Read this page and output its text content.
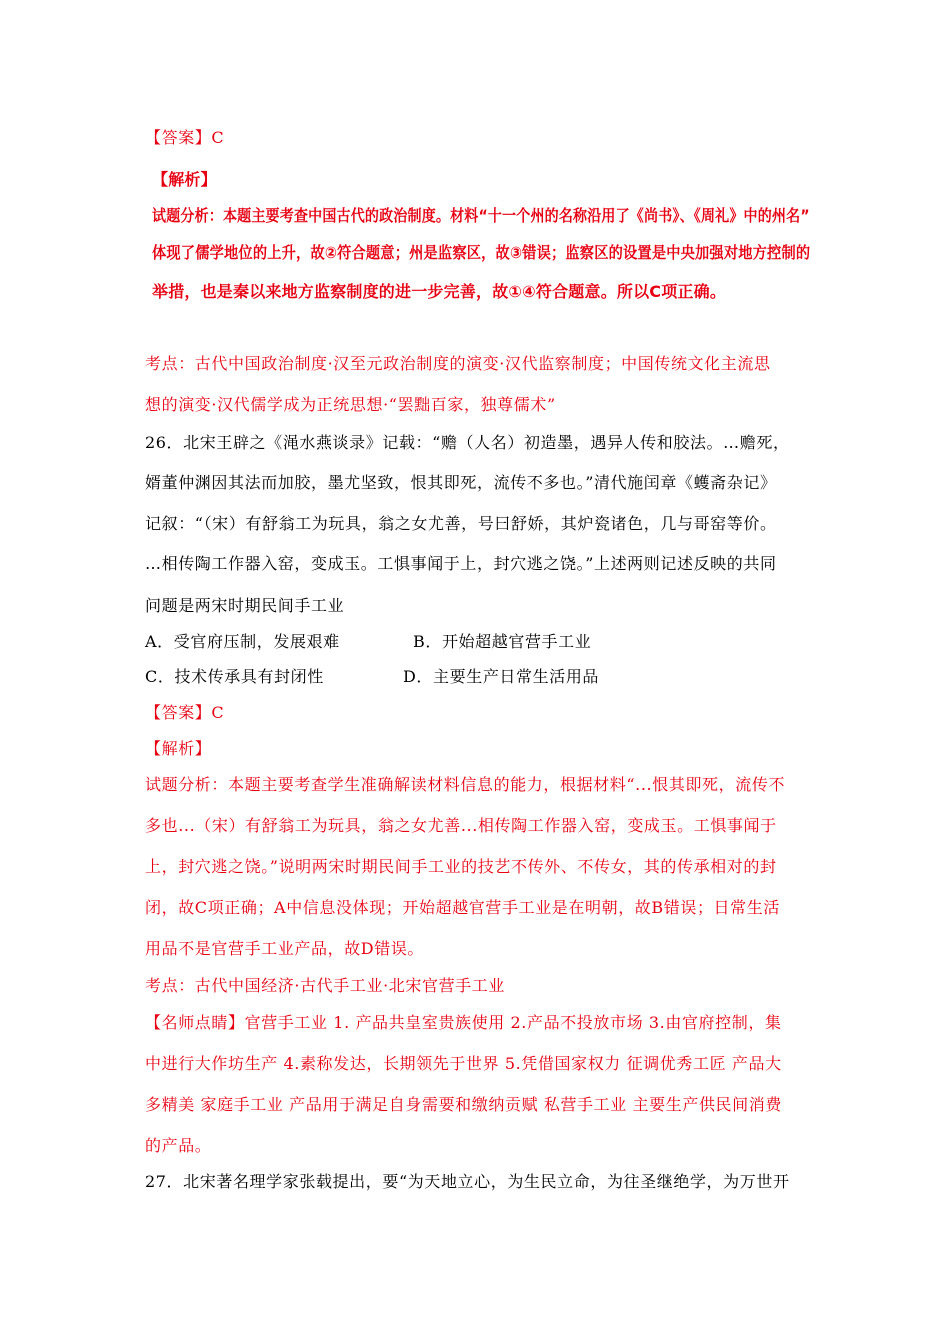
【答案】C
【解析】
试题分析：本题主要考查中国古代的政治制度。材料“十一个州的名称沿用了《尚书》、《周礼》中的州名”
体现了儒学地位的上升，故②符合题意；州是监察区，故③错误；监察区的设置是中央加强对地方控制的
举措，也是秦以来地方监察制度的进一步完善，故①④符合题意。所以C项正确。
考点：古代中国政治制度·汉至元政治制度的演变·汉代监察制度；中国传统文化主流思
想的演变·汉代儒学成为正统思想·“罢黜百家，独尊儒术”
26．北宋王辟之《渑水燕谈录》记载：“赡（人名）初造墨，遇异人传和胶法。…赡死，
婿董仲渊因其法而加胶，墨尤坚致，恨其即死，流传不多也。”清代施闰章《蠖斋杂记》
记叙：“（宋）有舒翁工为玩具，翁之女尤善，号曰舒娇，其炉瓷诸色，几与哥窑等价。
…相传陶工作器入窑，变成玉。工惧事闻于上，封穴逃之饶。”上述两则记述反映的共同
问题是两宋时期民间手工业
A．受官府压制，发展艰难	B．开始超越官营手工业
C．技术传承具有封闭性	D．主要生产日常生活用品
【答案】C
【解析】
试题分析：本题主要考查学生准确解读材料信息的能力，根据材料“...恨其即死，流传不
多也...（宋）有舒翁工为玩具，翁之女尤善...相传陶工作器入窑，变成玉。工惧事闻于
上，封穴逃之饶。”说明两宋时期民间手工业的技艺不传外、不传女，其的传承相对的封
闭，故C项正确；A中信息没体现；开始超越官营手工业是在明朝，故B错误；日常生活
用品不是官营手工业产品，故D错误。
考点：古代中国经济·古代手工业·北宋官营手工业
【名师点睛】官营手工业 1. 产品共皇室贵族使用 2.产品不投放市场 3.由官府控制，集
中进行大作坊生产 4.素称发达，长期领先于世界 5.凭借国家权力 征调优秀工匠 产品大
多精美 家庭手工业 产品用于满足自身需要和缴纳贡赋 私营手工业 主要生产供民间消费
的产品。
27．北宋著名理学家张载提出，要“为天地立心，为生民立命，为往圣继绝学，为万世开
